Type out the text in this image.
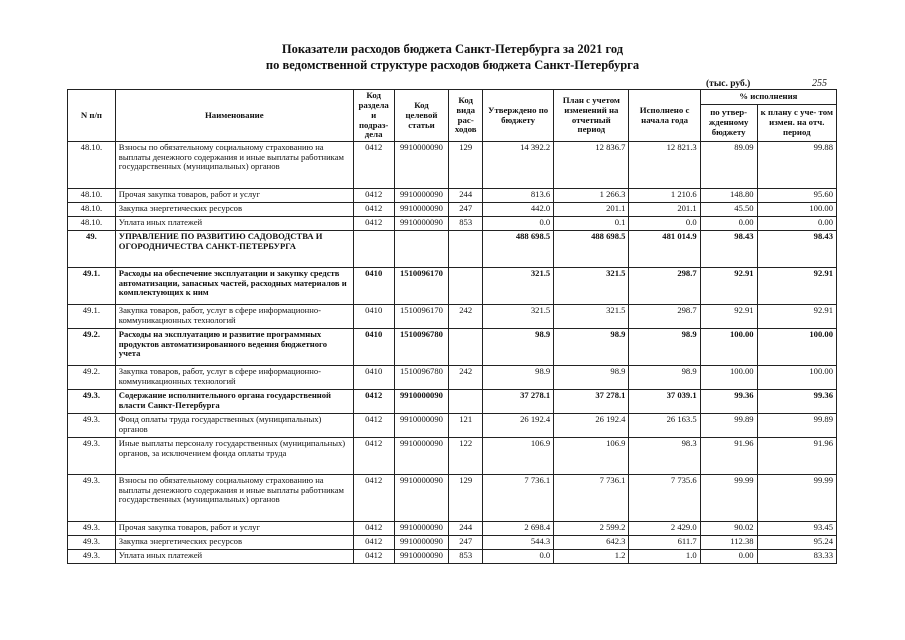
Показатели расходов бюджета Санкт-Петербурга за 2021 год
по ведомственной структуре расходов бюджета Санкт-Петербурга
(тыс. руб.)	255
N п/п	Наименование	Код раздела и подраз- дела	Код целевой статьи	Код вида рас- ходов	Утверждено по бюджету	План с учетом изменений на отчетный период	Исполнено с начала года	% исполнения	
								по утвер- жденному бюджету	к плану с уче- том измен. на отч. период
48.10.	Взносы по обязательному социальному страхованию на выплаты денежного содержания и иные выплаты работникам государственных (муниципальных) органов	0412	9910000090	129	14 392.2	12 836.7	12 821.3	89.09	99.88
48.10.	Прочая закупка товаров, работ и услуг	0412	9910000090	244	813.6	1 266.3	1 210.6	148.80	95.60
48.10.	Закупка энергетических ресурсов	0412	9910000090	247	442.0	201.1	201.1	45.50	100.00
48.10.	Уплата иных платежей	0412	9910000090	853	0.0	0.1	0.0	0.00	0.00
49.	УПРАВЛЕНИЕ ПО РАЗВИТИЮ САДОВОДСТВА И ОГОРОДНИЧЕСТВА САНКТ-ПЕТЕРБУРГА				488 698.5	488 698.5	481 014.9	98.43	98.43
49.1.	Расходы на обеспечение эксплуатации и закупку средств автоматизации, запасных частей, расходных материалов и комплектующих к ним	0410	1510096170		321.5	321.5	298.7	92.91	92.91
49.1.	Закупка товаров, работ, услуг в сфере информационно-коммуникационных технологий	0410	1510096170	242	321.5	321.5	298.7	92.91	92.91
49.2.	Расходы на эксплуатацию и развитие программных продуктов автоматизированного ведения бюджетного учета	0410	1510096780		98.9	98.9	98.9	100.00	100.00
49.2.	Закупка товаров, работ, услуг в сфере информационно-коммуникационных технологий	0410	1510096780	242	98.9	98.9	98.9	100.00	100.00
49.3.	Содержание исполнительного органа государственной власти Санкт-Петербурга	0412	9910000090		37 278.1	37 278.1	37 039.1	99.36	99.36
49.3.	Фонд оплаты труда государственных (муниципальных) органов	0412	9910000090	121	26 192.4	26 192.4	26 163.5	99.89	99.89
49.3.	Иные выплаты персоналу государственных (муниципальных) органов, за исключением фонда оплаты труда	0412	9910000090	122	106.9	106.9	98.3	91.96	91.96
49.3.	Взносы по обязательному социальному страхованию на выплаты денежного содержания и иные выплаты работникам государственных (муниципальных) органов	0412	9910000090	129	7 736.1	7 736.1	7 735.6	99.99	99.99
49.3.	Прочая закупка товаров, работ и услуг	0412	9910000090	244	2 698.4	2 599.2	2 429.0	90.02	93.45
49.3.	Закупка энергетических ресурсов	0412	9910000090	247	544.3	642.3	611.7	112.38	95.24
49.3.	Уплата иных платежей	0412	9910000090	853	0.0	1.2	1.0	0.00	83.33
